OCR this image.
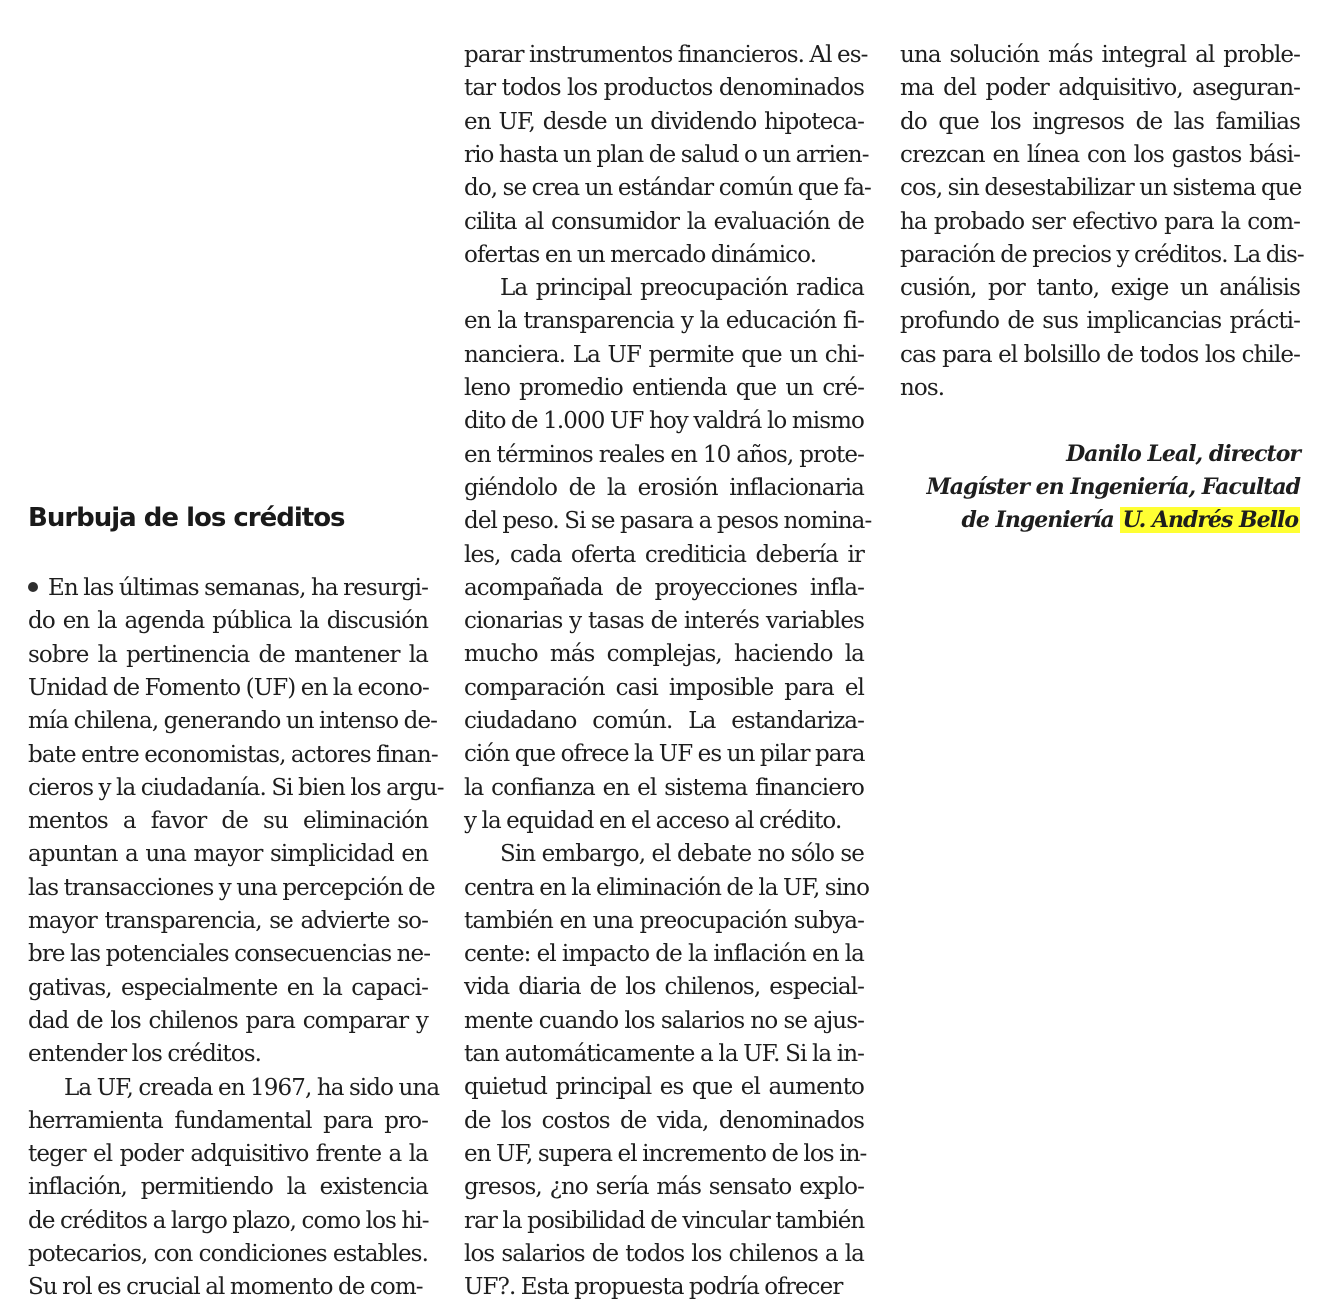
Burbuja de los créditos
En las últimas semanas, ha resurgi-
do en la agenda pública la discusión
sobre la pertinencia de mantener la
Unidad de Fomento (UF) en la econo-
mía chilena, generando un intenso de-
bate entre economistas, actores finan-
cieros y la ciudadanía. Si bien los argu-
mentos a favor de su eliminación
apuntan a una mayor simplicidad en
las transacciones y una percepción de
mayor transparencia, se advierte so-
bre las potenciales consecuencias ne-
gativas, especialmente en la capaci-
dad de los chilenos para comparar y
entender los créditos.
La UF, creada en 1967, ha sido una
herramienta fundamental para pro-
teger el poder adquisitivo frente a la
inflación, permitiendo la existencia
de créditos a largo plazo, como los hi-
potecarios, con condiciones estables.
Su rol es crucial al momento de com-
parar instrumentos financieros. Al es-
tar todos los productos denominados
en UF, desde un dividendo hipoteca-
rio hasta un plan de salud o un arrien-
do, se crea un estándar común que fa-
cilita al consumidor la evaluación de
ofertas en un mercado dinámico.
La principal preocupación radica
en la transparencia y la educación fi-
nanciera. La UF permite que un chi-
leno promedio entienda que un cré-
dito de 1.000 UF hoy valdrá lo mismo
en términos reales en 10 años, prote-
giéndolo de la erosión inflacionaria
del peso. Si se pasara a pesos nomina-
les, cada oferta crediticia debería ir
acompañada de proyecciones infla-
cionarias y tasas de interés variables
mucho más complejas, haciendo la
comparación casi imposible para el
ciudadano común. La estandariza-
ción que ofrece la UF es un pilar para
la confianza en el sistema financiero
y la equidad en el acceso al crédito.
Sin embargo, el debate no sólo se
centra en la eliminación de la UF, sino
también en una preocupación subya-
cente: el impacto de la inflación en la
vida diaria de los chilenos, especial-
mente cuando los salarios no se ajus-
tan automáticamente a la UF. Si la in-
quietud principal es que el aumento
de los costos de vida, denominados
en UF, supera el incremento de los in-
gresos, ¿no sería más sensato explo-
rar la posibilidad de vincular también
los salarios de todos los chilenos a la
UF?. Esta propuesta podría ofrecer
Danilo Leal, director
Magíster en Ingeniería, Facultad
de Ingeniería U. Andrés Bello
una solución más integral al proble-
ma del poder adquisitivo, aseguran-
do que los ingresos de las familias
crezcan en línea con los gastos bási-
cos, sin desestabilizar un sistema que
ha probado ser efectivo para la com-
paración de precios y créditos. La dis-
cusión, por tanto, exige un análisis
profundo de sus implicancias prácti-
cas para el bolsillo de todos los chile-
nos.
